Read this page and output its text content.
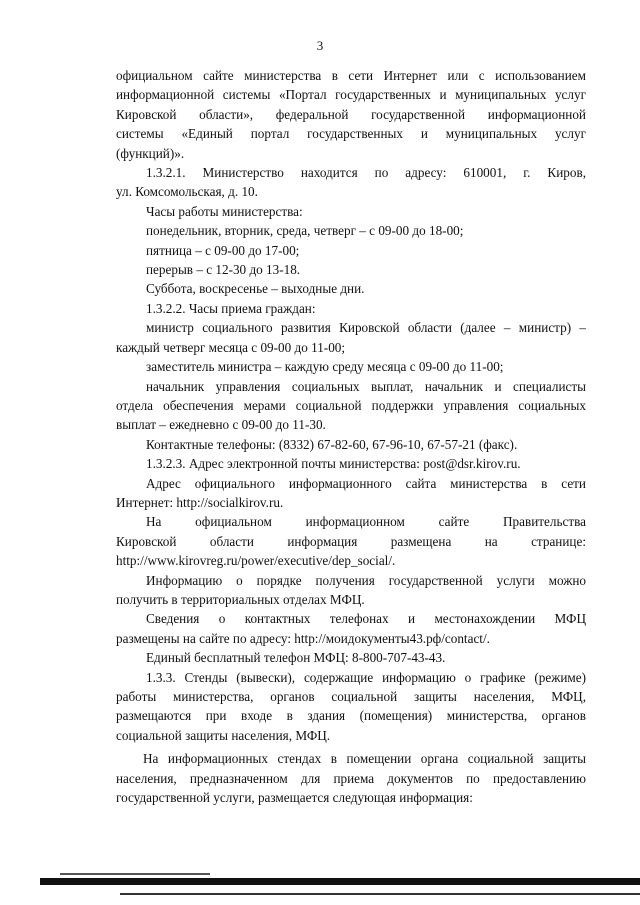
3

официальном сайте министерства в сети Интернет или с использованием

информационной системы «Портал государственных и муниципальных услуг

Кировской области», федеральной государственной информационной

системы «Единый портал государственных и муниципальных услуг

(функций)».

1.3.2.1. Министерство находится по адресу: 610001, г. Киров,

ул. Комсомольская, д. 10.

Часы работы министерства:

понедельник, вторник, среда, четверг – с 09-00 до 18-00;

пятница – с 09-00 до 17-00;

перерыв – с 12-30 до 13-18.

Суббота, воскресенье – выходные дни.

1.3.2.2. Часы приема граждан:

министр социального развития Кировской области (далее – министр) –

каждый четверг месяца с 09-00 до 11-00;

заместитель министра – каждую среду месяца с 09-00 до 11-00;

начальник управления социальных выплат, начальник и специалисты

отдела обеспечения мерами социальной поддержки управления социальных

выплат – ежедневно с 09-00 до 11-30.

Контактные телефоны: (8332) 67-82-60, 67-96-10, 67-57-21 (факс).

1.3.2.3. Адрес электронной почты министерства: post@dsr.kirov.ru.

Адрес официального информационного сайта министерства в сети

Интернет: http://socialkirov.ru.

На официальном информационном сайте Правительства

Кировской области информация размещена на странице:

http://www.kirovreg.ru/power/executive/dep_social/.

Информацию о порядке получения государственной услуги можно

получить в территориальных отделах МФЦ.

Сведения о контактных телефонах и местонахождении МФЦ

размещены на сайте по адресу: http://моидокументы43.рф/contact/.

Единый бесплатный телефон МФЦ: 8-800-707-43-43.

1.3.3. Стенды (вывески), содержащие информацию о графике (режиме)

работы министерства, органов социальной защиты населения, МФЦ,

размещаются при входе в здания (помещения) министерства, органов

социальной защиты населения, МФЦ.

На информационных стендах в помещении органа социальной защиты

населения, предназначенном для приема документов по предоставлению

государственной услуги, размещается следующая информация:
